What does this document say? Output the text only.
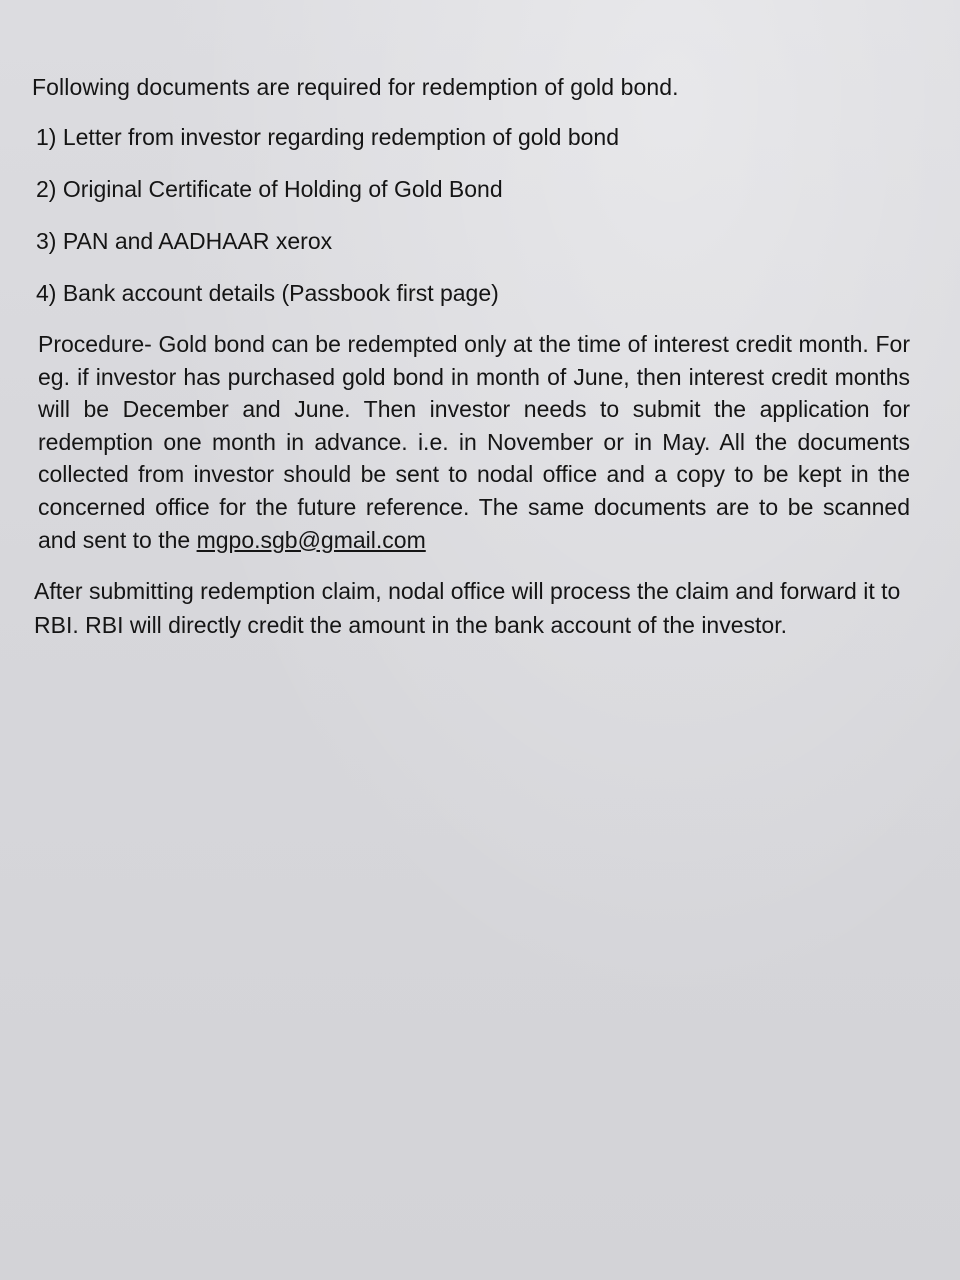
Following documents are required for redemption of gold bond.

1) Letter from investor regarding redemption of gold bond
2) Original Certificate of Holding of Gold Bond
3) PAN and AADHAAR xerox
4) Bank account details (Passbook first page)

Procedure- Gold bond can be redempted only at the time of interest credit month. For eg. if investor has purchased gold bond in month of June, then interest credit months will be December and June. Then investor needs to submit the application for redemption one month in advance. i.e. in November or in May. All the documents collected from investor should be sent to nodal office and a copy to be kept in the concerned office for the future reference. The same documents are to be scanned and sent to the mgpo.sgb@gmail.com

After submitting redemption claim, nodal office will process the claim and forward it to RBI. RBI will directly credit the amount in the bank account of the investor.
